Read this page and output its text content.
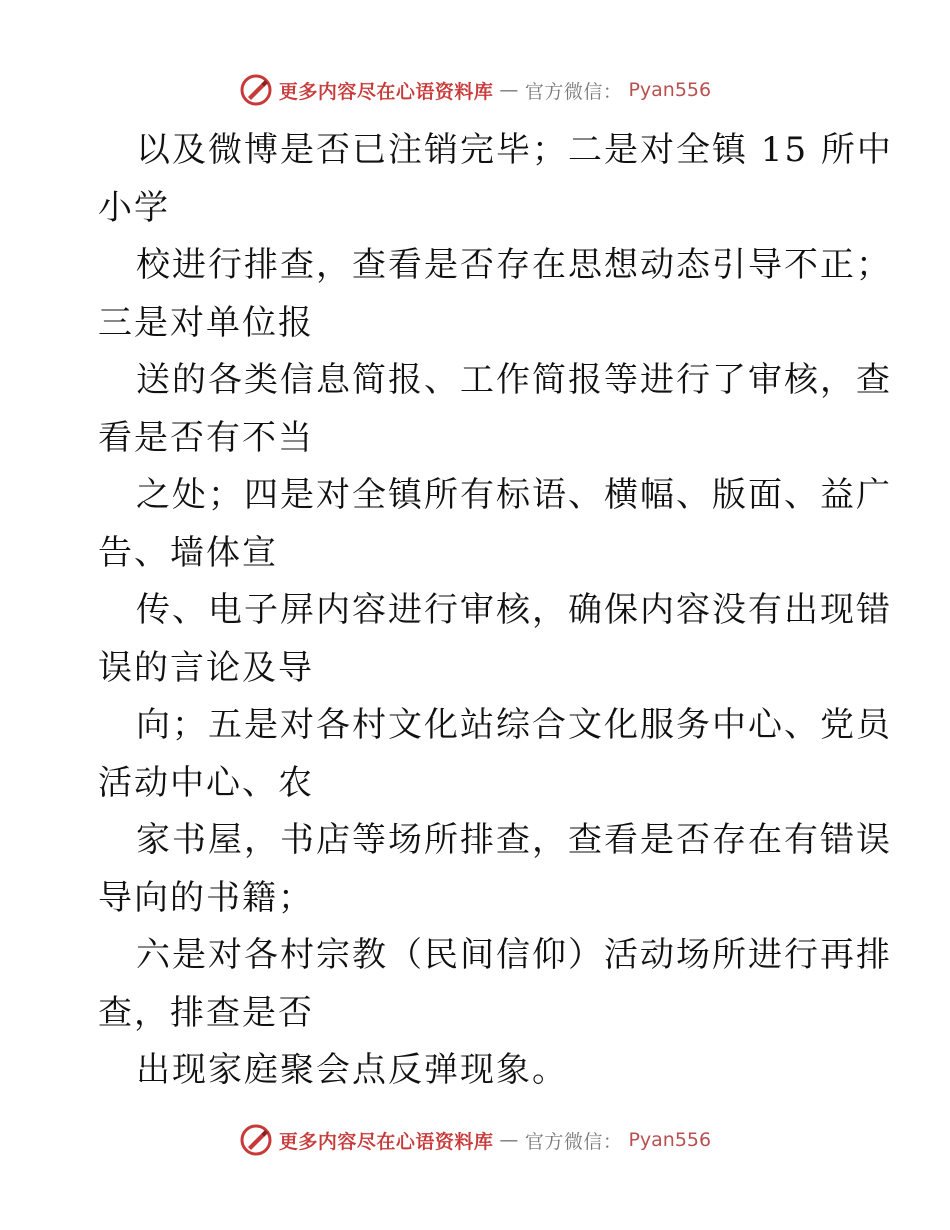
更多内容尽在心语资料库 — 官方微信： Pyan556
以及微博是否已注销完毕；二是对全镇 15 所中
小学
校进行排查，查看是否存在思想动态引导不正；
三是对单位报
送的各类信息简报、工作简报等进行了审核，查
看是否有不当
之处；四是对全镇所有标语、横幅、版面、益广
告、墙体宣
传、电子屏内容进行审核，确保内容没有出现错
误的言论及导
向；五是对各村文化站综合文化服务中心、党员
活动中心、农
家书屋，书店等场所排查，查看是否存在有错误
导向的书籍；
六是对各村宗教（民间信仰）活动场所进行再排
查，排查是否
出现家庭聚会点反弹现象。
更多内容尽在心语资料库 — 官方微信： Pyan556
